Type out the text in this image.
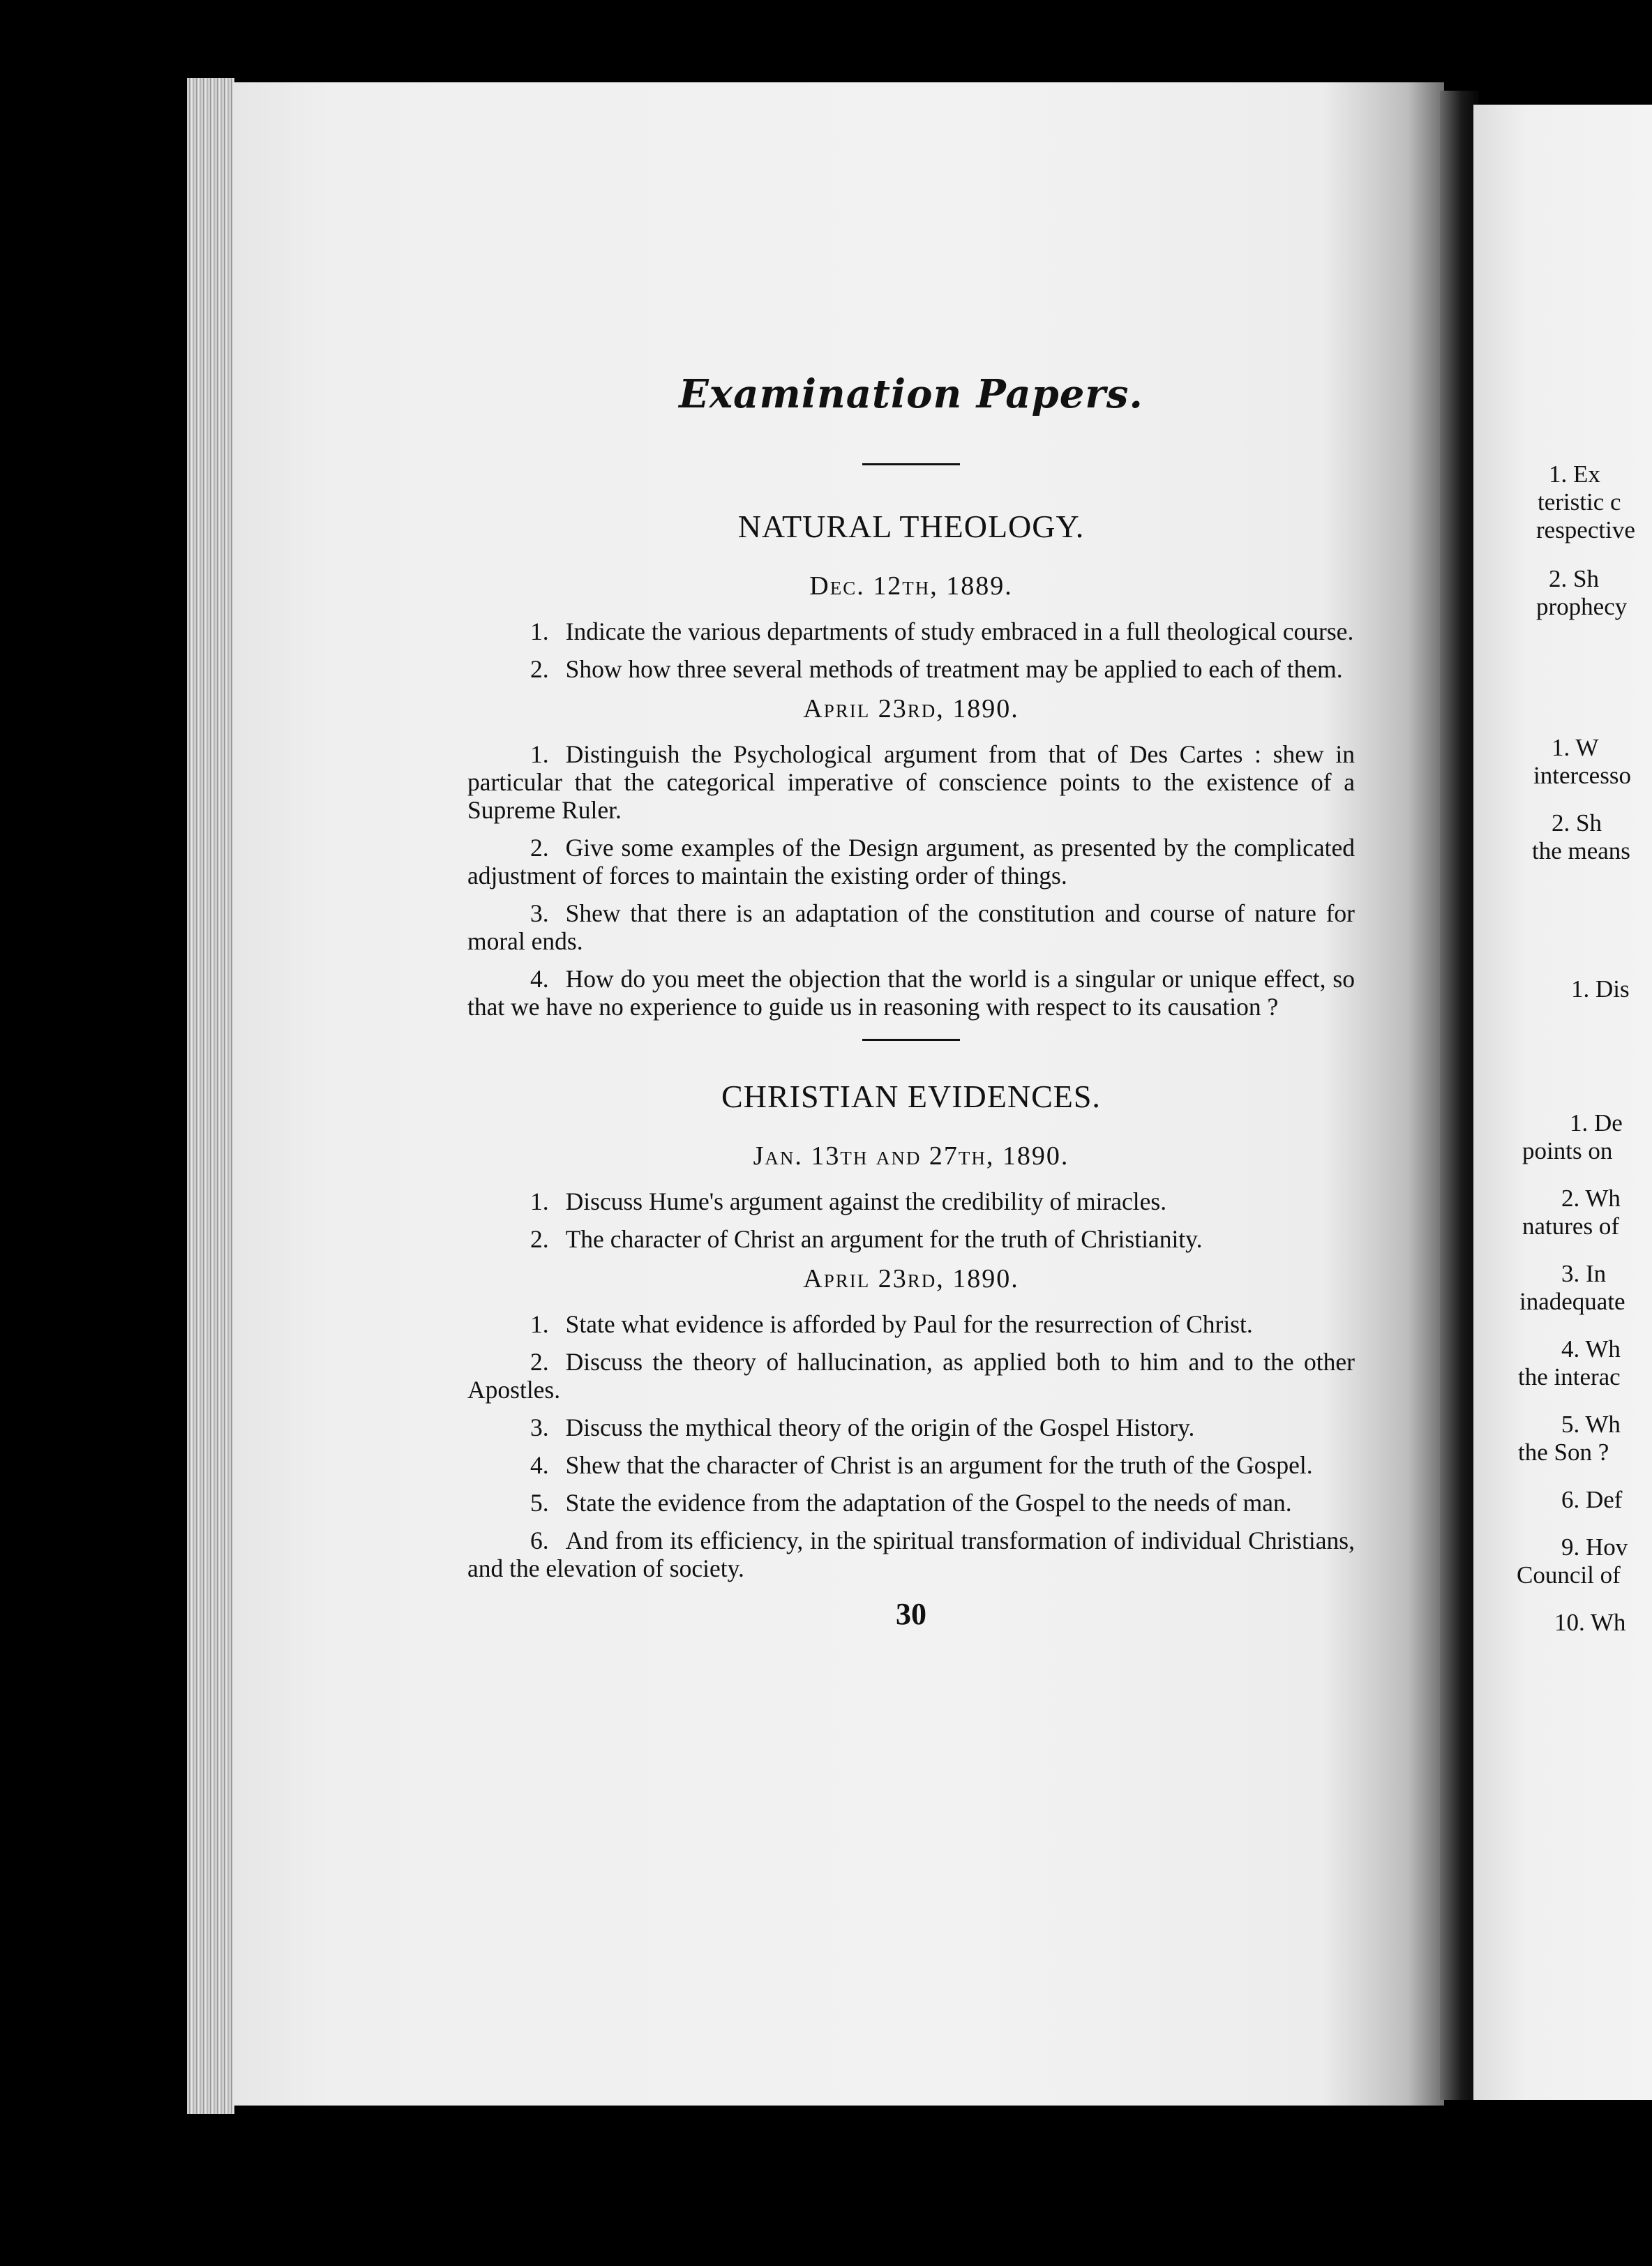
1. Ex
teristic c
respective
2. Sh
prophecy
1. W
intercesso
2. Sh
the means
1. Dis
1. De
points on
2. Wh
natures of
3. In
inadequate
4. Wh
the interac
5. Wh
the Son ?
6. Def
9. Hov
Council of
10. Wh
Examination Papers.
NATURAL THEOLOGY.
Dec. 12th, 1889.

1. Indicate the various departments of study embraced in a full theological course.

2. Show how three several methods of treatment may be applied to each of them.

April 23rd, 1890.

1. Distinguish the Psychological argument from that of Des Cartes : shew in particular that the categorical imperative of conscience points to the existence of a Supreme Ruler.

2. Give some examples of the Design argument, as presented by the complicated adjustment of forces to maintain the existing order of things.

3. Shew that there is an adaptation of the constitution and course of nature for moral ends.

4. How do you meet the objection that the world is a singular or unique effect, so that we have no experience to guide us in reasoning with respect to its causation ?

CHRISTIAN EVIDENCES.
Jan. 13th and 27th, 1890.

1. Discuss Hume's argument against the credibility of miracles.

2. The character of Christ an argument for the truth of Christianity.

April 23rd, 1890.

1. State what evidence is afforded by Paul for the resurrection of Christ.

2. Discuss the theory of hallucination, as applied both to him and to the other Apostles.

3. Discuss the mythical theory of the origin of the Gospel History.

4. Shew that the character of Christ is an argument for the truth of the Gospel.

5. State the evidence from the adaptation of the Gospel to the needs of man.

6. And from its efficiency, in the spiritual transformation of individual Christians, and the elevation of society.

30
